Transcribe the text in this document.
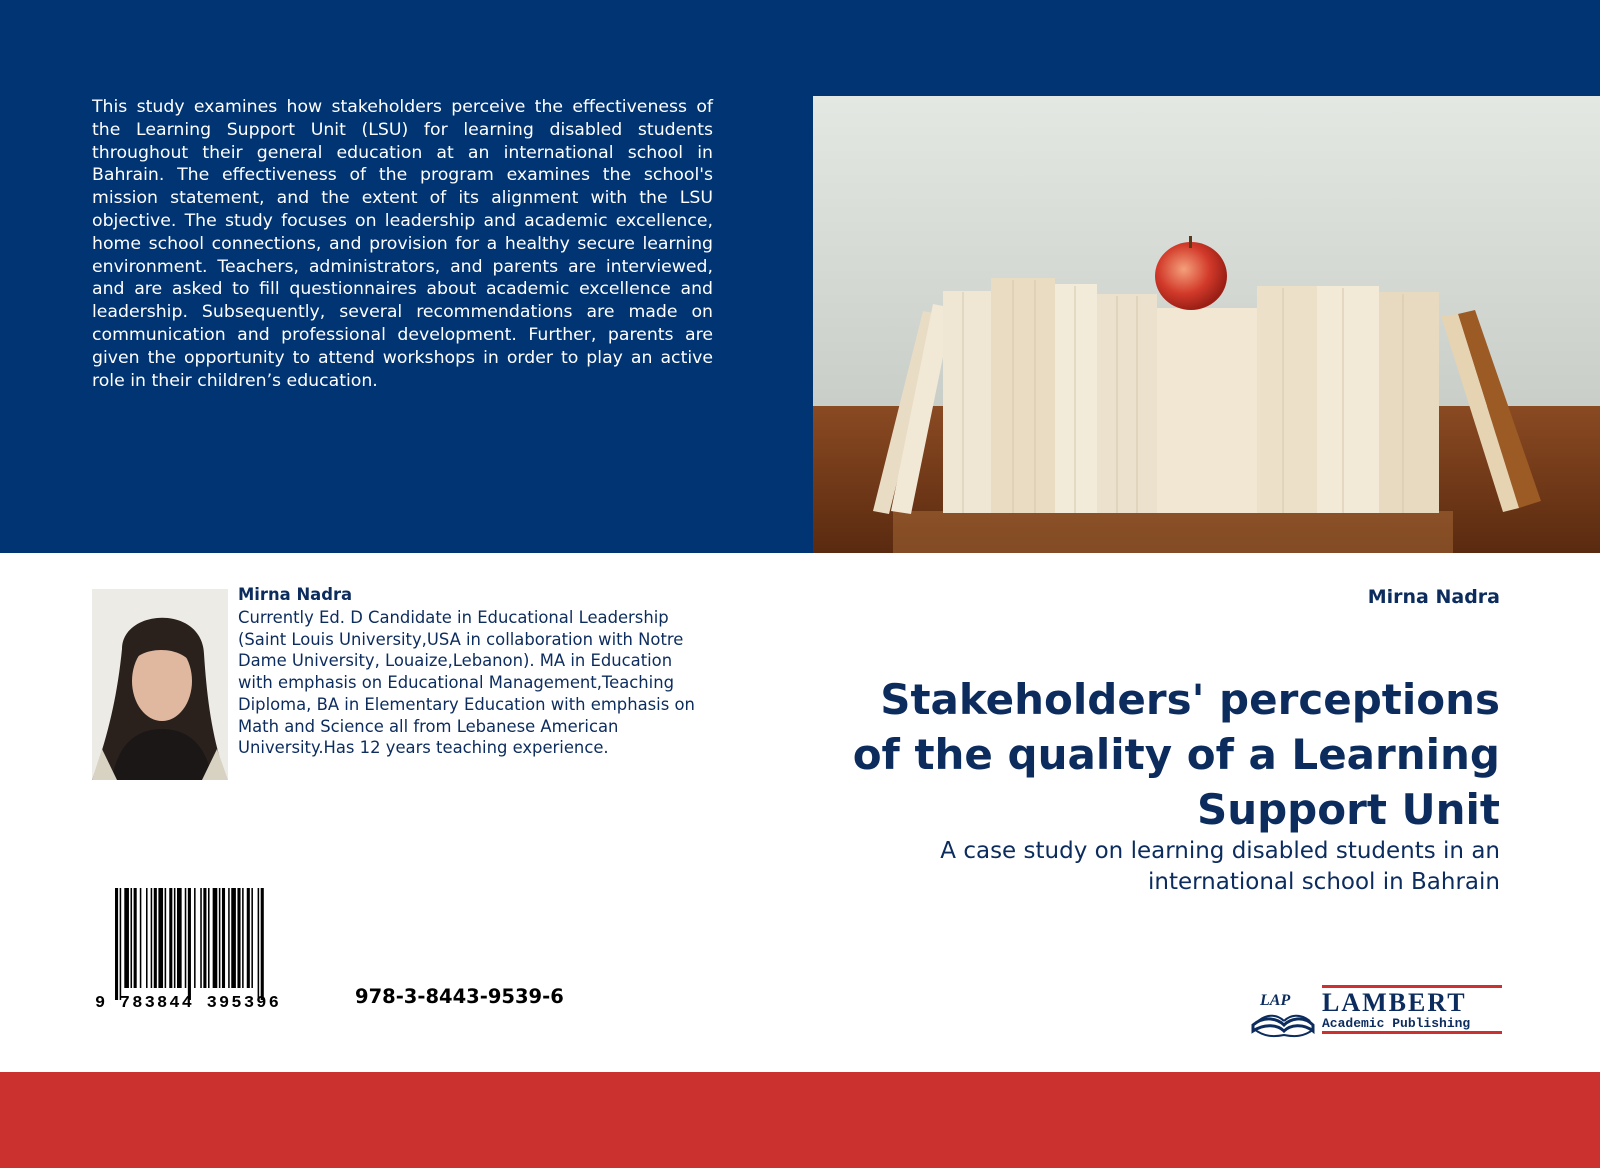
This study examines how stakeholders perceive the effectiveness of the Learning Support Unit (LSU) for learning disabled students throughout their general education at an international school in Bahrain. The effectiveness of the program examines the school's mission statement, and the extent of its alignment with the LSU objective. The study focuses on leadership and academic excellence, home school connections, and provision for a healthy secure learning environment. Teachers, administrators, and parents are interviewed, and are asked to fill questionnaires about academic excellence and leadership. Subsequently, several recommendations are made on communication and professional development. Further, parents are given the opportunity to attend workshops in order to play an active role in their children’s education.
Mirna Nadra
Currently Ed. D Candidate in Educational Leadership (Saint Louis University,USA in collaboration with Notre Dame University, Louaize,Lebanon). MA in Education with emphasis on Educational Management,Teaching Diploma, BA in Elementary Education with emphasis on Math and Science all from Lebanese American University.Has 12 years teaching experience.
Mirna Nadra
Stakeholders' perceptions of the quality of a Learning Support Unit
A case study on learning disabled students in an international school in Bahrain
9 783844 395396	978-3-8443-9539-6	LAP LAMBERT
Academic Publishing
